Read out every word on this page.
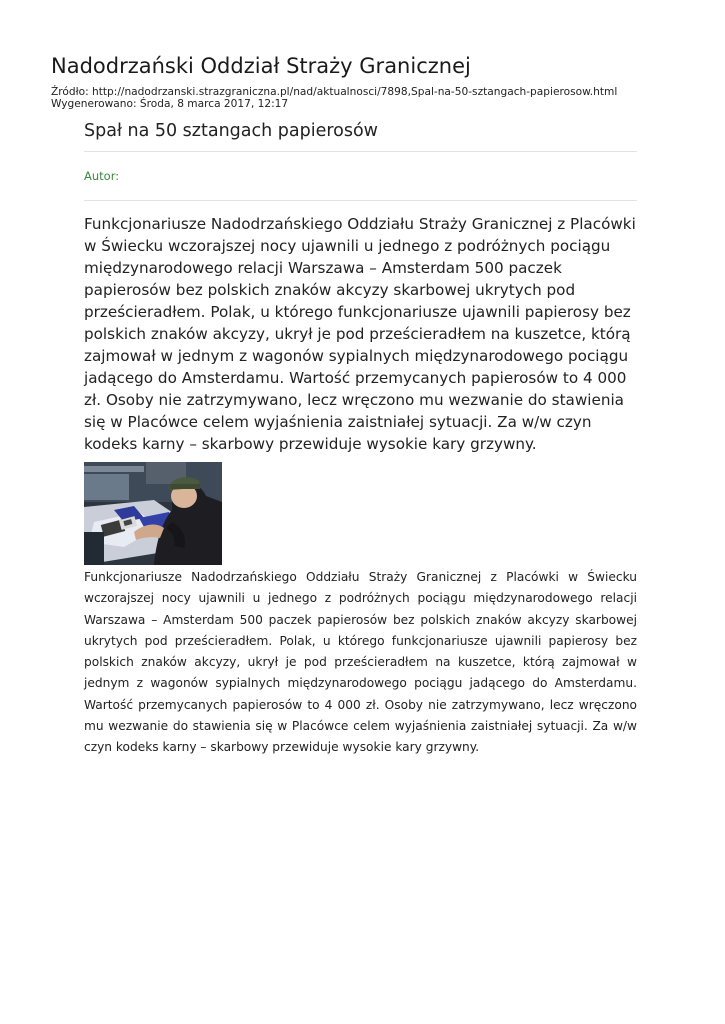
Nadodrzański Oddział Straży Granicznej
Źródło: http://nadodrzanski.strazgraniczna.pl/nad/aktualnosci/7898,Spal-na-50-sztangach-papierosow.html
Wygenerowano: Środa, 8 marca 2017, 12:17
Spał na 50 sztangach papierosów
Autor:

Funkcjonariusze Nadodrzańskiego Oddziału Straży Granicznej z Placówki w Świecku wczorajszej nocy ujawnili u jednego z podróżnych pociągu międzynarodowego relacji Warszawa – Amsterdam 500 paczek papierosów bez polskich znaków akcyzy skarbowej ukrytych pod prześcieradłem. Polak, u którego funkcjonariusze ujawnili papierosy bez polskich znaków akcyzy, ukrył je pod prześcieradłem na kuszetce, którą zajmował w jednym z wagonów sypialnych międzynarodowego pociągu jadącego do Amsterdamu. Wartość przemycanych papierosów to 4 000 zł. Osoby nie zatrzymywano, lecz wręczono mu wezwanie do stawienia się w Placówce celem wyjaśnienia zaistniałej sytuacji. Za w/w czyn kodeks karny – skarbowy przewiduje wysokie kary grzywny.

Funkcjonariusze Nadodrzańskiego Oddziału Straży Granicznej z Placówki w Świecku wczorajszej nocy ujawnili u jednego z podróżnych pociągu międzynarodowego relacji Warszawa – Amsterdam 500 paczek papierosów bez polskich znaków akcyzy skarbowej ukrytych pod prześcieradłem. Polak, u którego funkcjonariusze ujawnili papierosy bez polskich znaków akcyzy, ukrył je pod prześcieradłem na kuszetce, którą zajmował w jednym z wagonów sypialnych międzynarodowego pociągu jadącego do Amsterdamu. Wartość przemycanych papierosów to 4 000 zł. Osoby nie zatrzymywano, lecz wręczono mu wezwanie do stawienia się w Placówce celem wyjaśnienia zaistniałej sytuacji. Za w/w czyn kodeks karny – skarbowy przewiduje wysokie kary grzywny.
